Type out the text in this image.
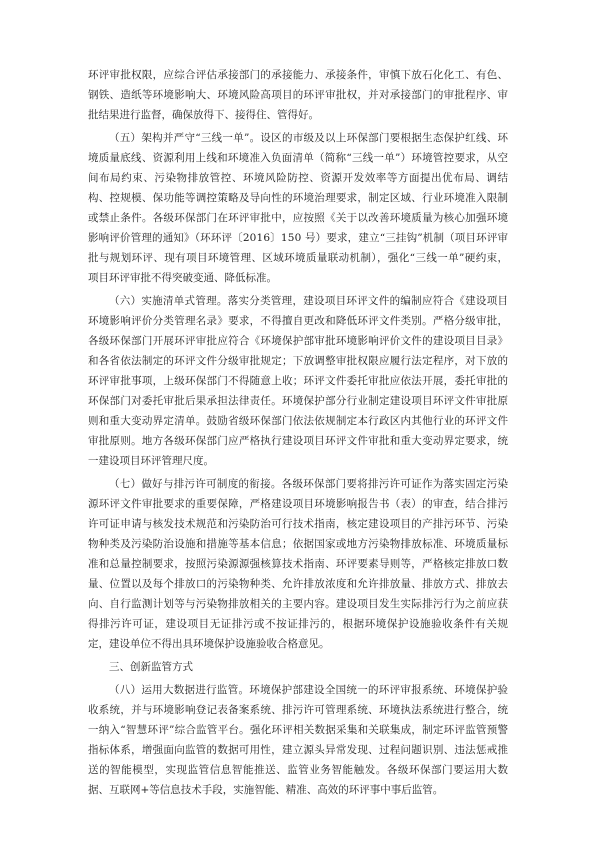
环评审批权限，应综合评估承接部门的承接能力、承接条件，审慎下放石化化工、有色、
钢铁、造纸等环境影响大、环境风险高项目的环评审批权，并对承接部门的审批程序、审
批结果进行监督，确保放得下、接得住、管得好。
（五）架构并严守“三线一单”。设区的市级及以上环保部门要根据生态保护红线、环
境质量底线、资源利用上线和环境准入负面清单（简称“三线一单”）环境管控要求，从空
间布局约束、污染物排放管控、环境风险防控、资源开发效率等方面提出优布局、调结
构、控规模、保功能等调控策略及导向性的环境治理要求，制定区域、行业环境准入限制
或禁止条件。各级环保部门在环评审批中，应按照《关于以改善环境质量为核心加强环境
影响评价管理的通知》（环环评〔2016〕150 号）要求，建立“三挂钩”机制（项目环评审
批与规划环评、现有项目环境管理、区域环境质量联动机制），强化“三线一单”硬约束，
项目环评审批不得突破变通、降低标准。
（六）实施清单式管理。落实分类管理，建设项目环评文件的编制应符合《建设项目
环境影响评价分类管理名录》要求，不得擅自更改和降低环评文件类别。严格分级审批，
各级环保部门开展环评审批应符合《环境保护部审批环境影响评价文件的建设项目目录》
和各省依法制定的环评文件分级审批规定；下放调整审批权限应履行法定程序，对下放的
环评审批事项，上级环保部门不得随意上收；环评文件委托审批应依法开展，委托审批的
环保部门对委托审批后果承担法律责任。环境保护部分行业制定建设项目环评文件审批原
则和重大变动界定清单。鼓励省级环保部门依法依规制定本行政区内其他行业的环评文件
审批原则。地方各级环保部门应严格执行建设项目环评文件审批和重大变动界定要求，统
一建设项目环评管理尺度。
（七）做好与排污许可制度的衔接。各级环保部门要将排污许可证作为落实固定污染
源环评文件审批要求的重要保障，严格建设项目环境影响报告书（表）的审查，结合排污
许可证申请与核发技术规范和污染防治可行技术指南，核定建设项目的产排污环节、污染
物种类及污染防治设施和措施等基本信息；依据国家或地方污染物排放标准、环境质量标
准和总量控制要求，按照污染源源强核算技术指南、环评要素导则等，严格核定排放口数
量、位置以及每个排放口的污染物种类、允许排放浓度和允许排放量、排放方式、排放去
向、自行监测计划等与污染物排放相关的主要内容。建设项目发生实际排污行为之前应获
得排污许可证，建设项目无证排污或不按证排污的，根据环境保护设施验收条件有关规
定，建设单位不得出具环境保护设施验收合格意见。
三、创新监管方式
（八）运用大数据进行监管。环境保护部建设全国统一的环评审报系统、环境保护验
收系统，并与环境影响登记表备案系统、排污许可管理系统、环境执法系统进行整合，统
一纳入“智慧环评”综合监管平台。强化环评相关数据采集和关联集成，制定环评监管预警
指标体系，增强面向监管的数据可用性，建立源头异常发现、过程问题识别、违法惩戒推
送的智能模型，实现监管信息智能推送、监管业务智能触发。各级环保部门要运用大数
据、互联网+等信息技术手段，实施智能、精准、高效的环评事中事后监管。
